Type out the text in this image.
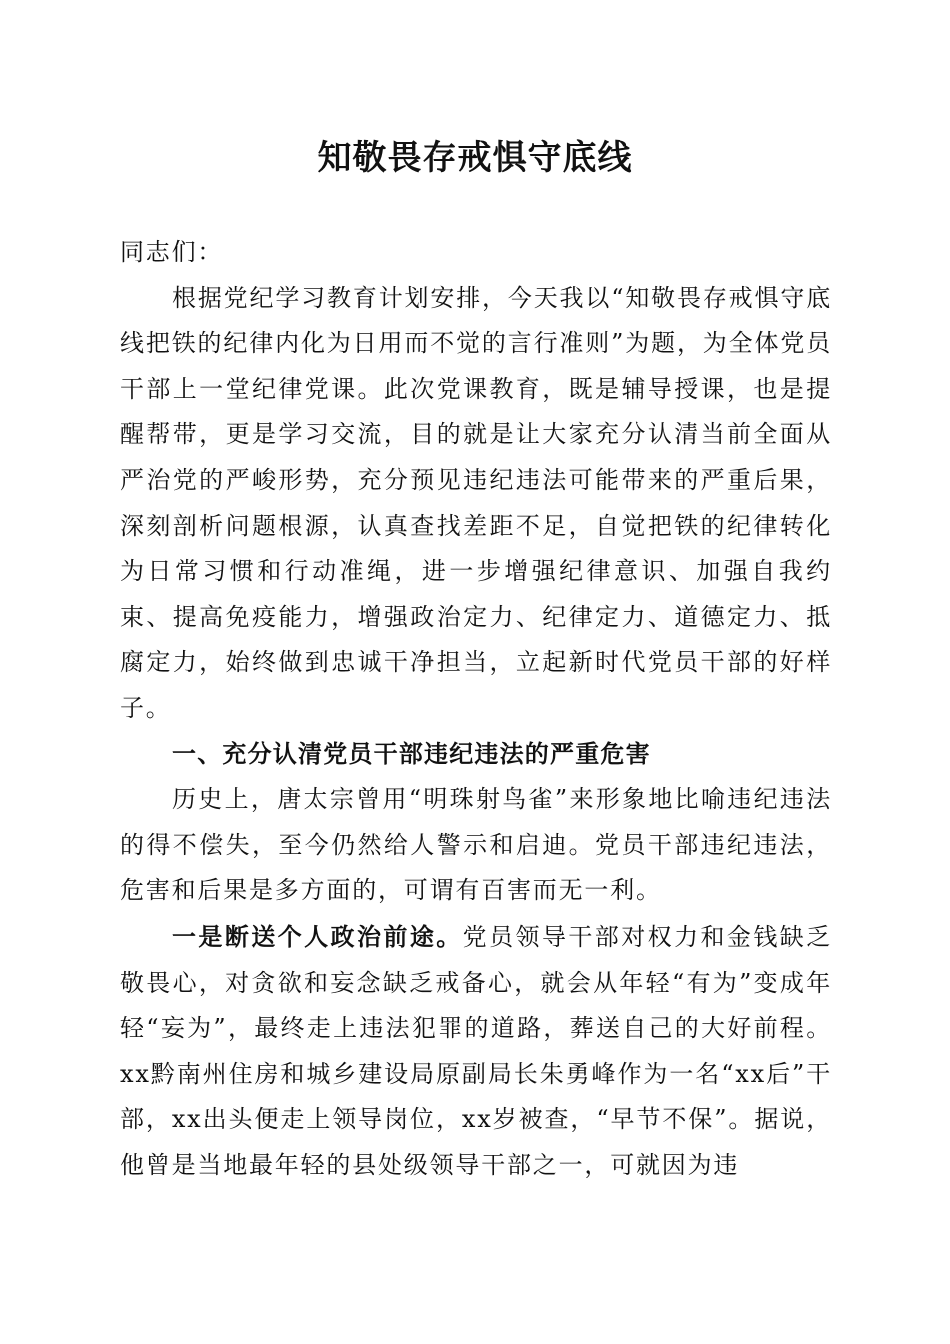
知敬畏存戒惧守底线

同志们：

根据党纪学习教育计划安排，今天我以“知敬畏存戒惧守底线把铁的纪律内化为日用而不觉的言行准则”为题，为全体党员干部上一堂纪律党课。此次党课教育，既是辅导授课，也是提醒帮带，更是学习交流，目的就是让大家充分认清当前全面从严治党的严峻形势，充分预见违纪违法可能带来的严重后果，深刻剖析问题根源，认真查找差距不足，自觉把铁的纪律转化为日常习惯和行动准绳，进一步增强纪律意识、加强自我约束、提高免疫能力，增强政治定力、纪律定力、道德定力、抵腐定力，始终做到忠诚干净担当，立起新时代党员干部的好样子。

一、充分认清党员干部违纪违法的严重危害

历史上，唐太宗曾用“明珠射鸟雀”来形象地比喻违纪违法的得不偿失，至今仍然给人警示和启迪。党员干部违纪违法，危害和后果是多方面的，可谓有百害而无一利。

一是断送个人政治前途。党员领导干部对权力和金钱缺乏敬畏心，对贪欲和妄念缺乏戒备心，就会从年轻“有为”变成年轻“妄为”，最终走上违法犯罪的道路，葬送自己的大好前程。xx黔南州住房和城乡建设局原副局长朱勇峰作为一名“xx后”干部，xx出头便走上领导岗位，xx岁被查，“早节不保”。据说，他曾是当地最年轻的县处级领导干部之一，可就因为违
